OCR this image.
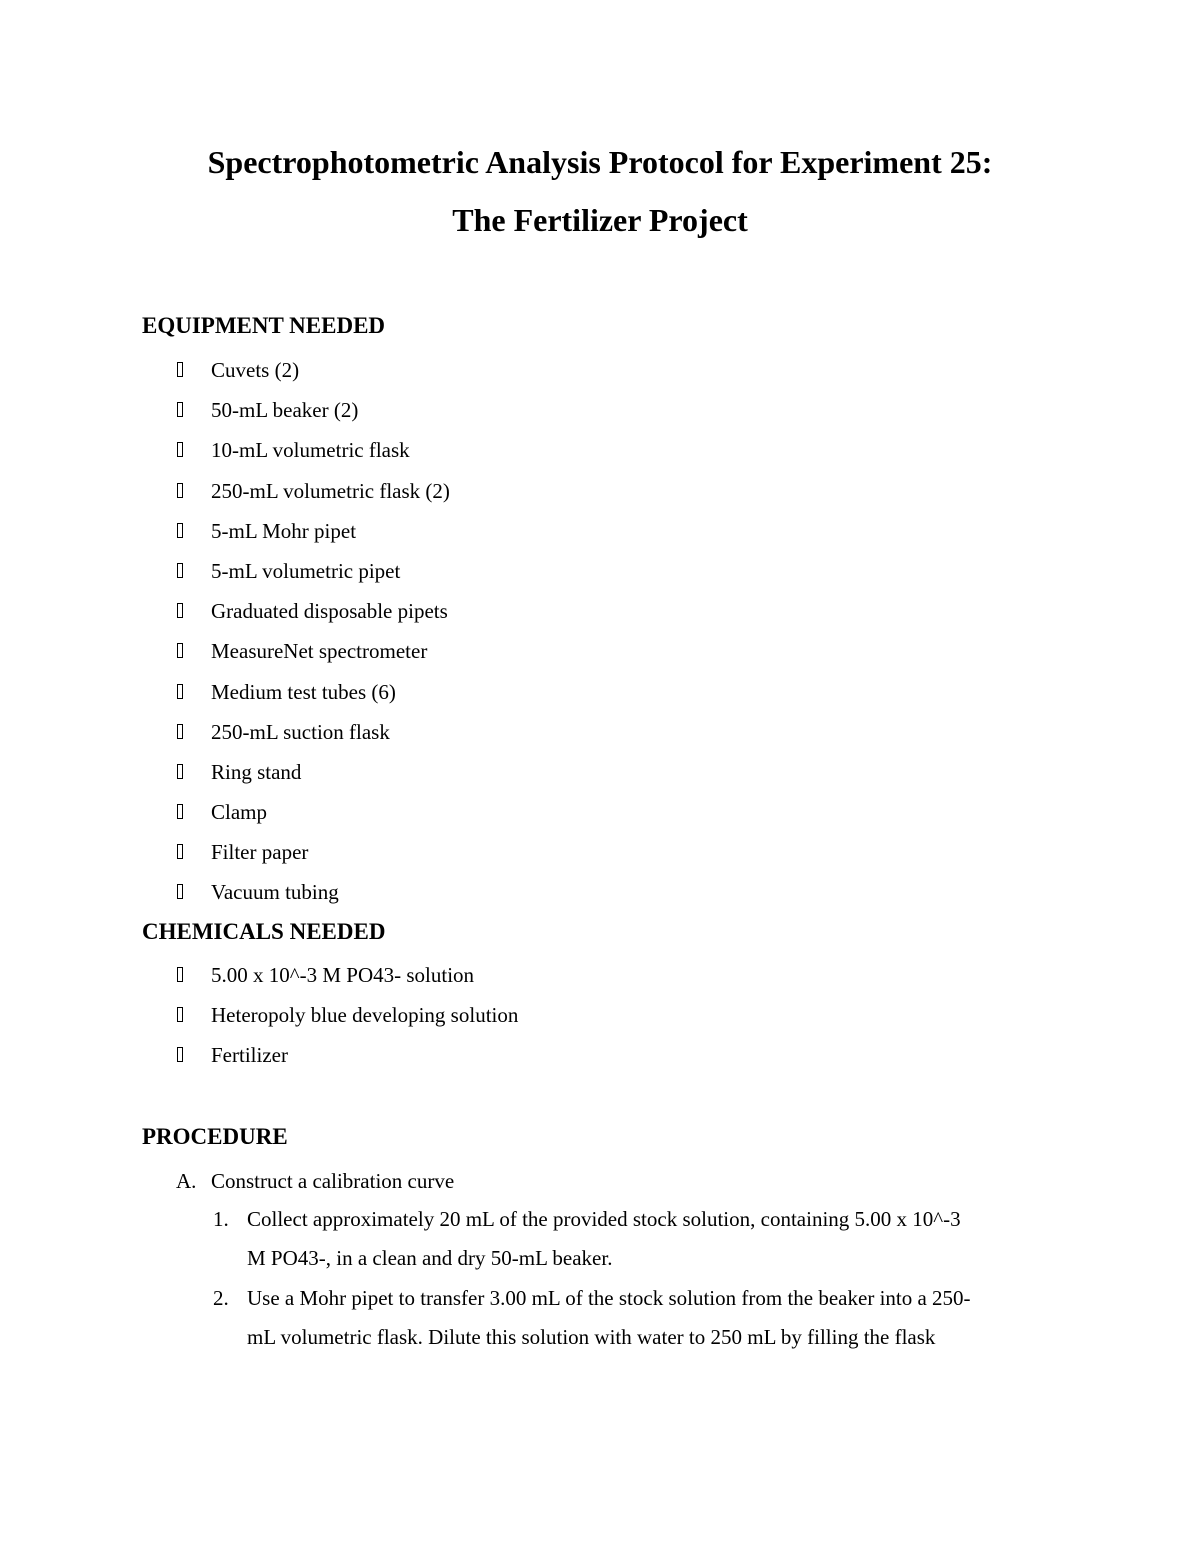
Spectrophotometric Analysis Protocol for Experiment 25:
The Fertilizer Project
EQUIPMENT NEEDED
Cuvets (2)
50-mL beaker (2)
10-mL volumetric flask
250-mL volumetric flask (2)
5-mL Mohr pipet
5-mL volumetric pipet
Graduated disposable pipets
MeasureNet spectrometer
Medium test tubes (6)
250-mL suction flask
Ring stand
Clamp
Filter paper
Vacuum tubing
CHEMICALS NEEDED
5.00 x 10^-3 M PO43- solution
Heteropoly blue developing solution
Fertilizer
PROCEDURE
A. Construct a calibration curve
1. Collect approximately 20 mL of the provided stock solution, containing 5.00 x 10^-3
M PO43-, in a clean and dry 50-mL beaker.
2. Use a Mohr pipet to transfer 3.00 mL of the stock solution from the beaker into a 250-
mL volumetric flask. Dilute this solution with water to 250 mL by filling the flask
